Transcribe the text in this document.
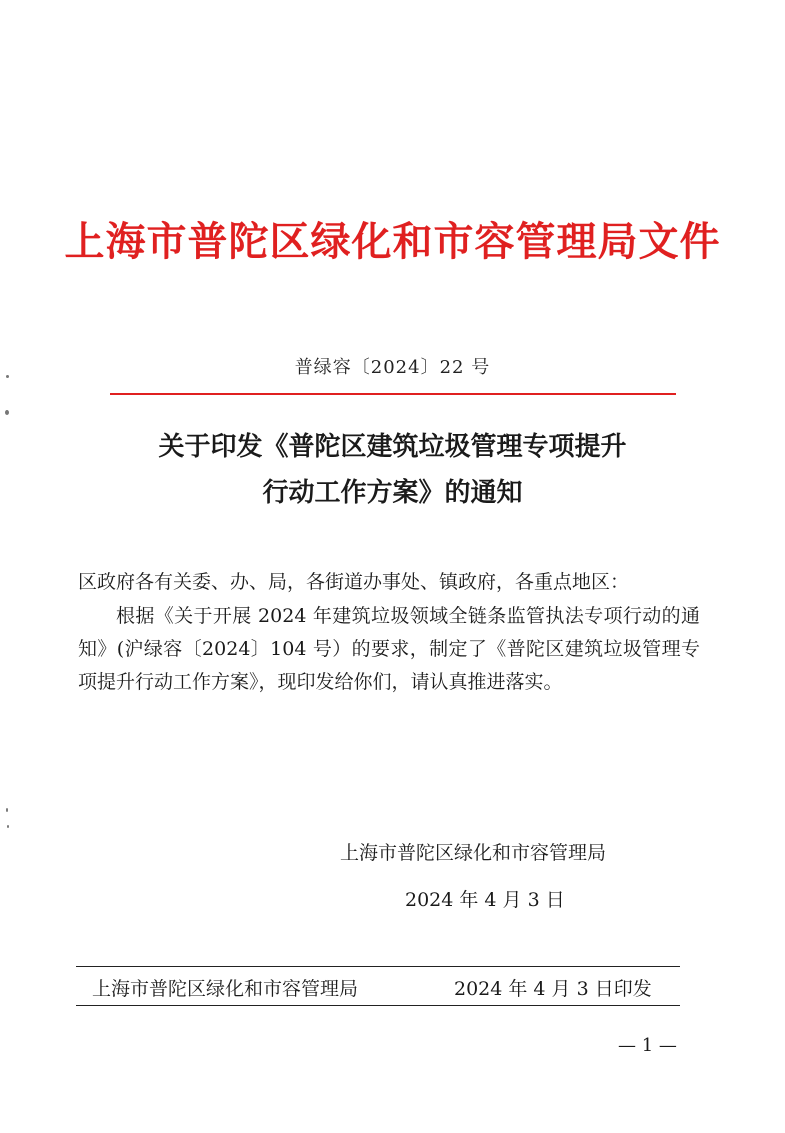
上海市普陀区绿化和市容管理局文件
普绿容〔2024〕22 号
关于印发《普陀区建筑垃圾管理专项提升
行动工作方案》的通知
区政府各有关委、办、局，各街道办事处、镇政府，各重点地区：
根据《关于开展 2024 年建筑垃圾领域全链条监管执法专项行动的通知》(沪绿容〔2024〕104 号）的要求，制定了《普陀区建筑垃圾管理专项提升行动工作方案》，现印发给你们，请认真推进落实。
上海市普陀区绿化和市容管理局
2024 年 4 月 3 日
上海市普陀区绿化和市容管理局	2024 年 4 月 3 日印发
— 1 —
